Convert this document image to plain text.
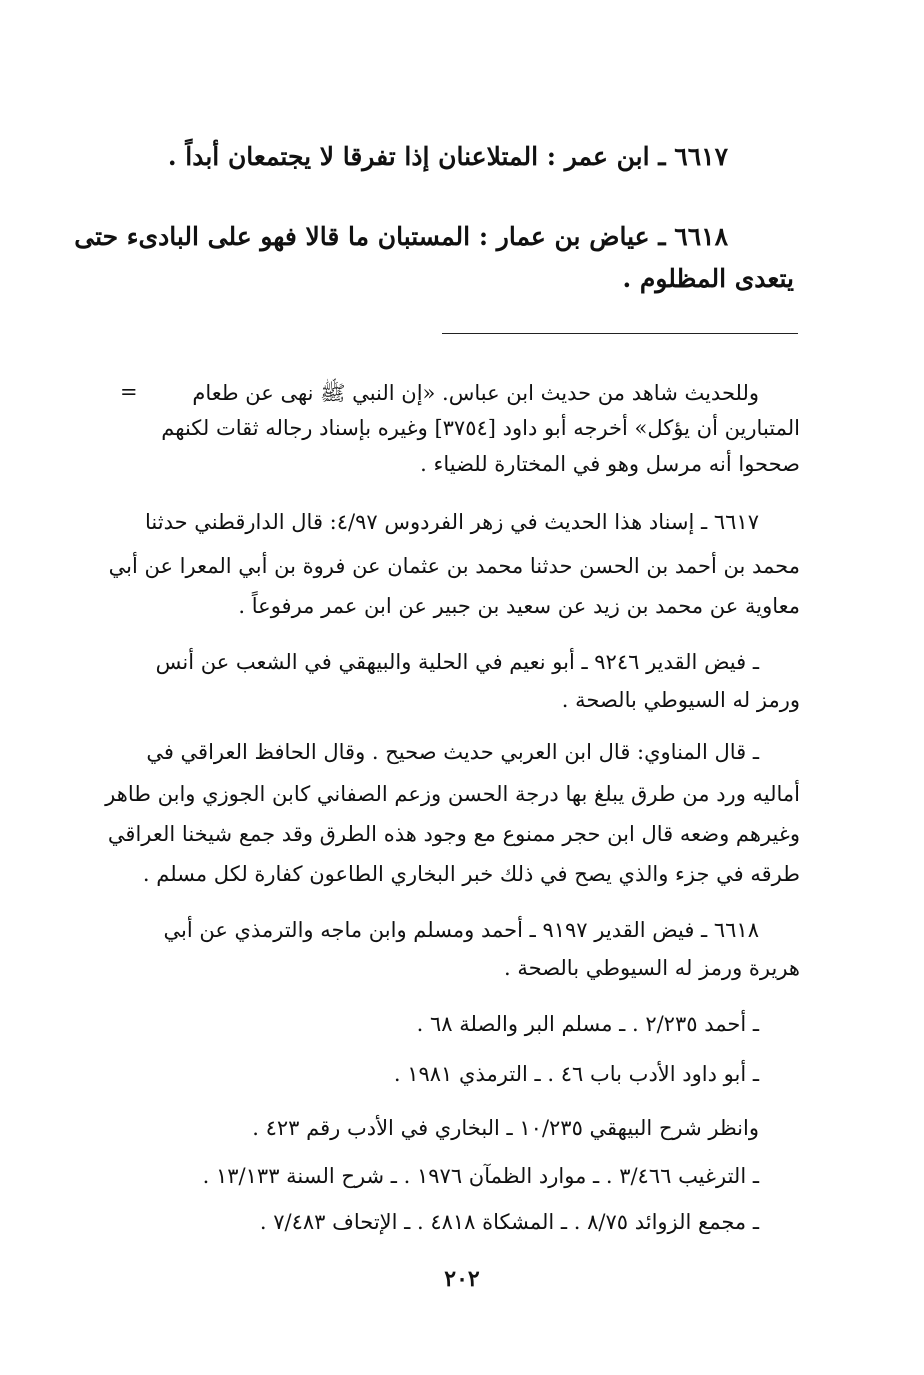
٦٦١٧ ـ ابن عمر : المتلاعنان إذا تفرقا لا يجتمعان أبداً .
٦٦١٨ ـ عياض بن عمار : المستبان ما قالا فهو على البادىء حتى
يتعدى المظلوم .
=	وللحديث شاهد من حديث ابن عباس. «إن النبي ﷺ نهى عن طعام
المتبارين أن يؤكل» أخرجه أبو داود [٣٧٥٤] وغيره بإسناد رجاله ثقات لكنهم
صححوا أنه مرسل وهو في المختارة للضياء .
٦٦١٧ ـ إسناد هذا الحديث في زهر الفردوس ٤/٩٧: قال الدارقطني حدثنا
محمد بن أحمد بن الحسن حدثنا محمد بن عثمان عن فروة بن أبي المعرا عن أبي
معاوية عن محمد بن زيد عن سعيد بن جبير عن ابن عمر مرفوعاً .
ـ فيض القدير ٩٢٤٦ ـ أبو نعيم في الحلية والبيهقي في الشعب عن أنس
ورمز له السيوطي بالصحة .
ـ قال المناوي: قال ابن العربي حديث صحيح . وقال الحافظ العراقي في
أماليه ورد من طرق يبلغ بها درجة الحسن وزعم الصفاني كابن الجوزي وابن طاهر
وغيرهم وضعه قال ابن حجر ممنوع مع وجود هذه الطرق وقد جمع شيخنا العراقي
طرقه في جزء والذي يصح في ذلك خبر البخاري الطاعون كفارة لكل مسلم .
٦٦١٨ ـ فيض القدير ٩١٩٧ ـ أحمد ومسلم وابن ماجه والترمذي عن أبي
هريرة ورمز له السيوطي بالصحة .
ـ أحمد ٢/٢٣٥ . ـ مسلم البر والصلة ٦٨ .
ـ أبو داود الأدب باب ٤٦ . ـ الترمذي ١٩٨١ .
وانظر شرح البيهقي ١٠/٢٣٥ ـ البخاري في الأدب رقم ٤٢٣ .
ـ الترغيب ٣/٤٦٦ . ـ موارد الظمآن ١٩٧٦ . ـ شرح السنة ١٣/١٣٣ .
ـ مجمع الزوائد ٨/٧٥ . ـ المشكاة ٤٨١٨ . ـ الإتحاف ٧/٤٨٣ .
٢٠٢
